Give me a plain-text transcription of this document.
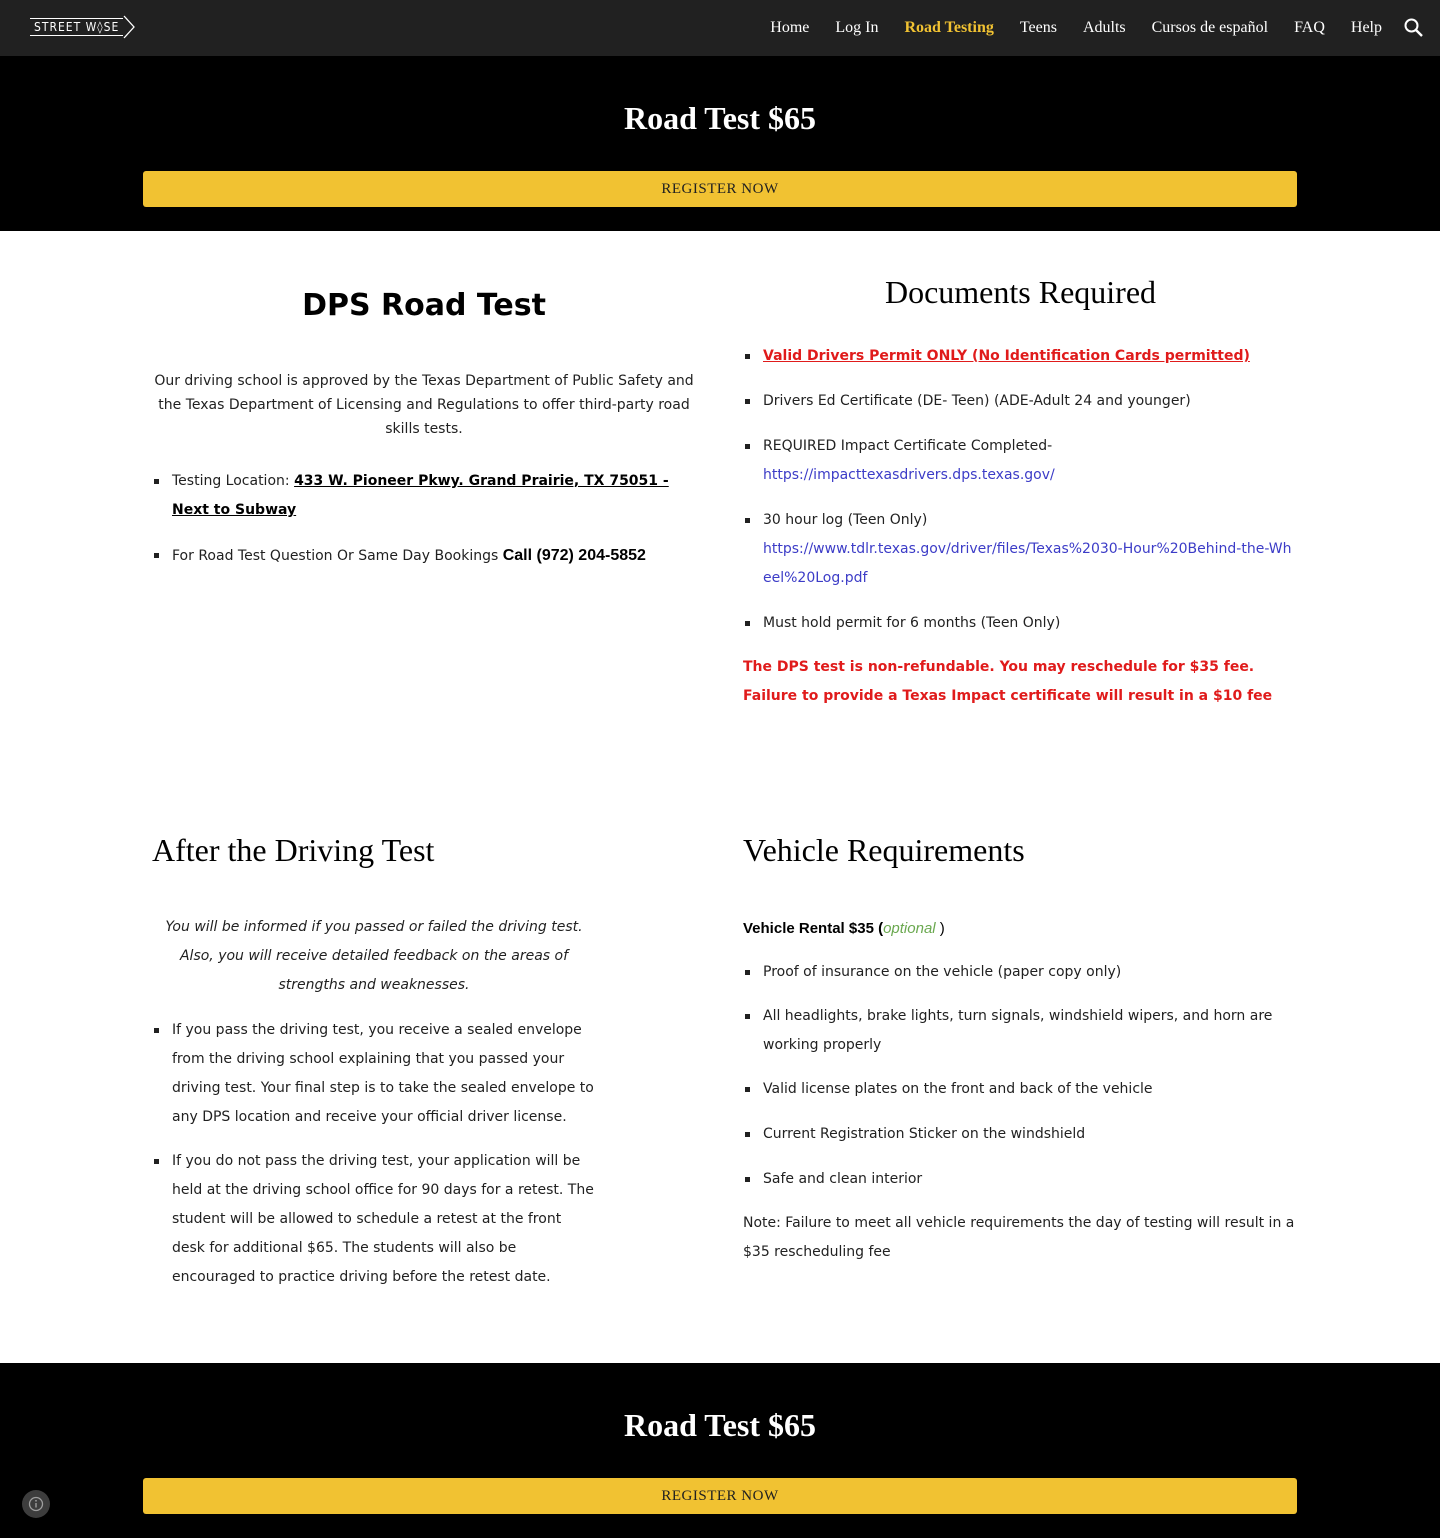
STREET W◊SE	Home Log In Road Testing Teens Adults Cursos de español FAQ Help
Road Test $65
REGISTER NOW
DPS Road Test
Our driving school is approved by the Texas Department of Public Safety and the Texas Department of Licensing and Regulations to offer third-party road skills tests.
Testing Location: 433 W. Pioneer Pkwy. Grand Prairie, TX 75051 - Next to Subway
For Road Test Question Or Same Day Bookings Call (972) 204-5852
Documents Required
Valid Drivers Permit ONLY (No Identification Cards permitted)
Drivers Ed Certificate (DE- Teen) (ADE-Adult 24 and younger)
REQUIRED Impact Certificate Completed-
https://impacttexasdrivers.dps.texas.gov/
30 hour log (Teen Only)
https://www.tdlr.texas.gov/driver/files/Texas%2030-Hour%20Behind-the-Wheel%20Log.pdf
Must hold permit for 6 months (Teen Only)
The DPS test is non-refundable. You may reschedule for $35 fee. Failure to provide a Texas Impact certificate will result in a $10 fee
After the Driving Test
You will be informed if you passed or failed the driving test. Also, you will receive detailed feedback on the areas of strengths and weaknesses.
If you pass the driving test, you receive a sealed envelope from the driving school explaining that you passed your driving test. Your final step is to take the sealed envelope to any DPS location and receive your official driver license.
If you do not pass the driving test, your application will be held at the driving school office for 90 days for a retest. The student will be allowed to schedule a retest at the front desk for additional $65. The students will also be encouraged to practice driving before the retest date.
Vehicle Requirements
Vehicle Rental $35 (optional )
Proof of insurance on the vehicle (paper copy only)
All headlights, brake lights, turn signals, windshield wipers, and horn are working properly
Valid license plates on the front and back of the vehicle
Current Registration Sticker on the windshield
Safe and clean interior
Note: Failure to meet all vehicle requirements the day of testing will result in a $35 rescheduling fee
Road Test $65
REGISTER NOW
